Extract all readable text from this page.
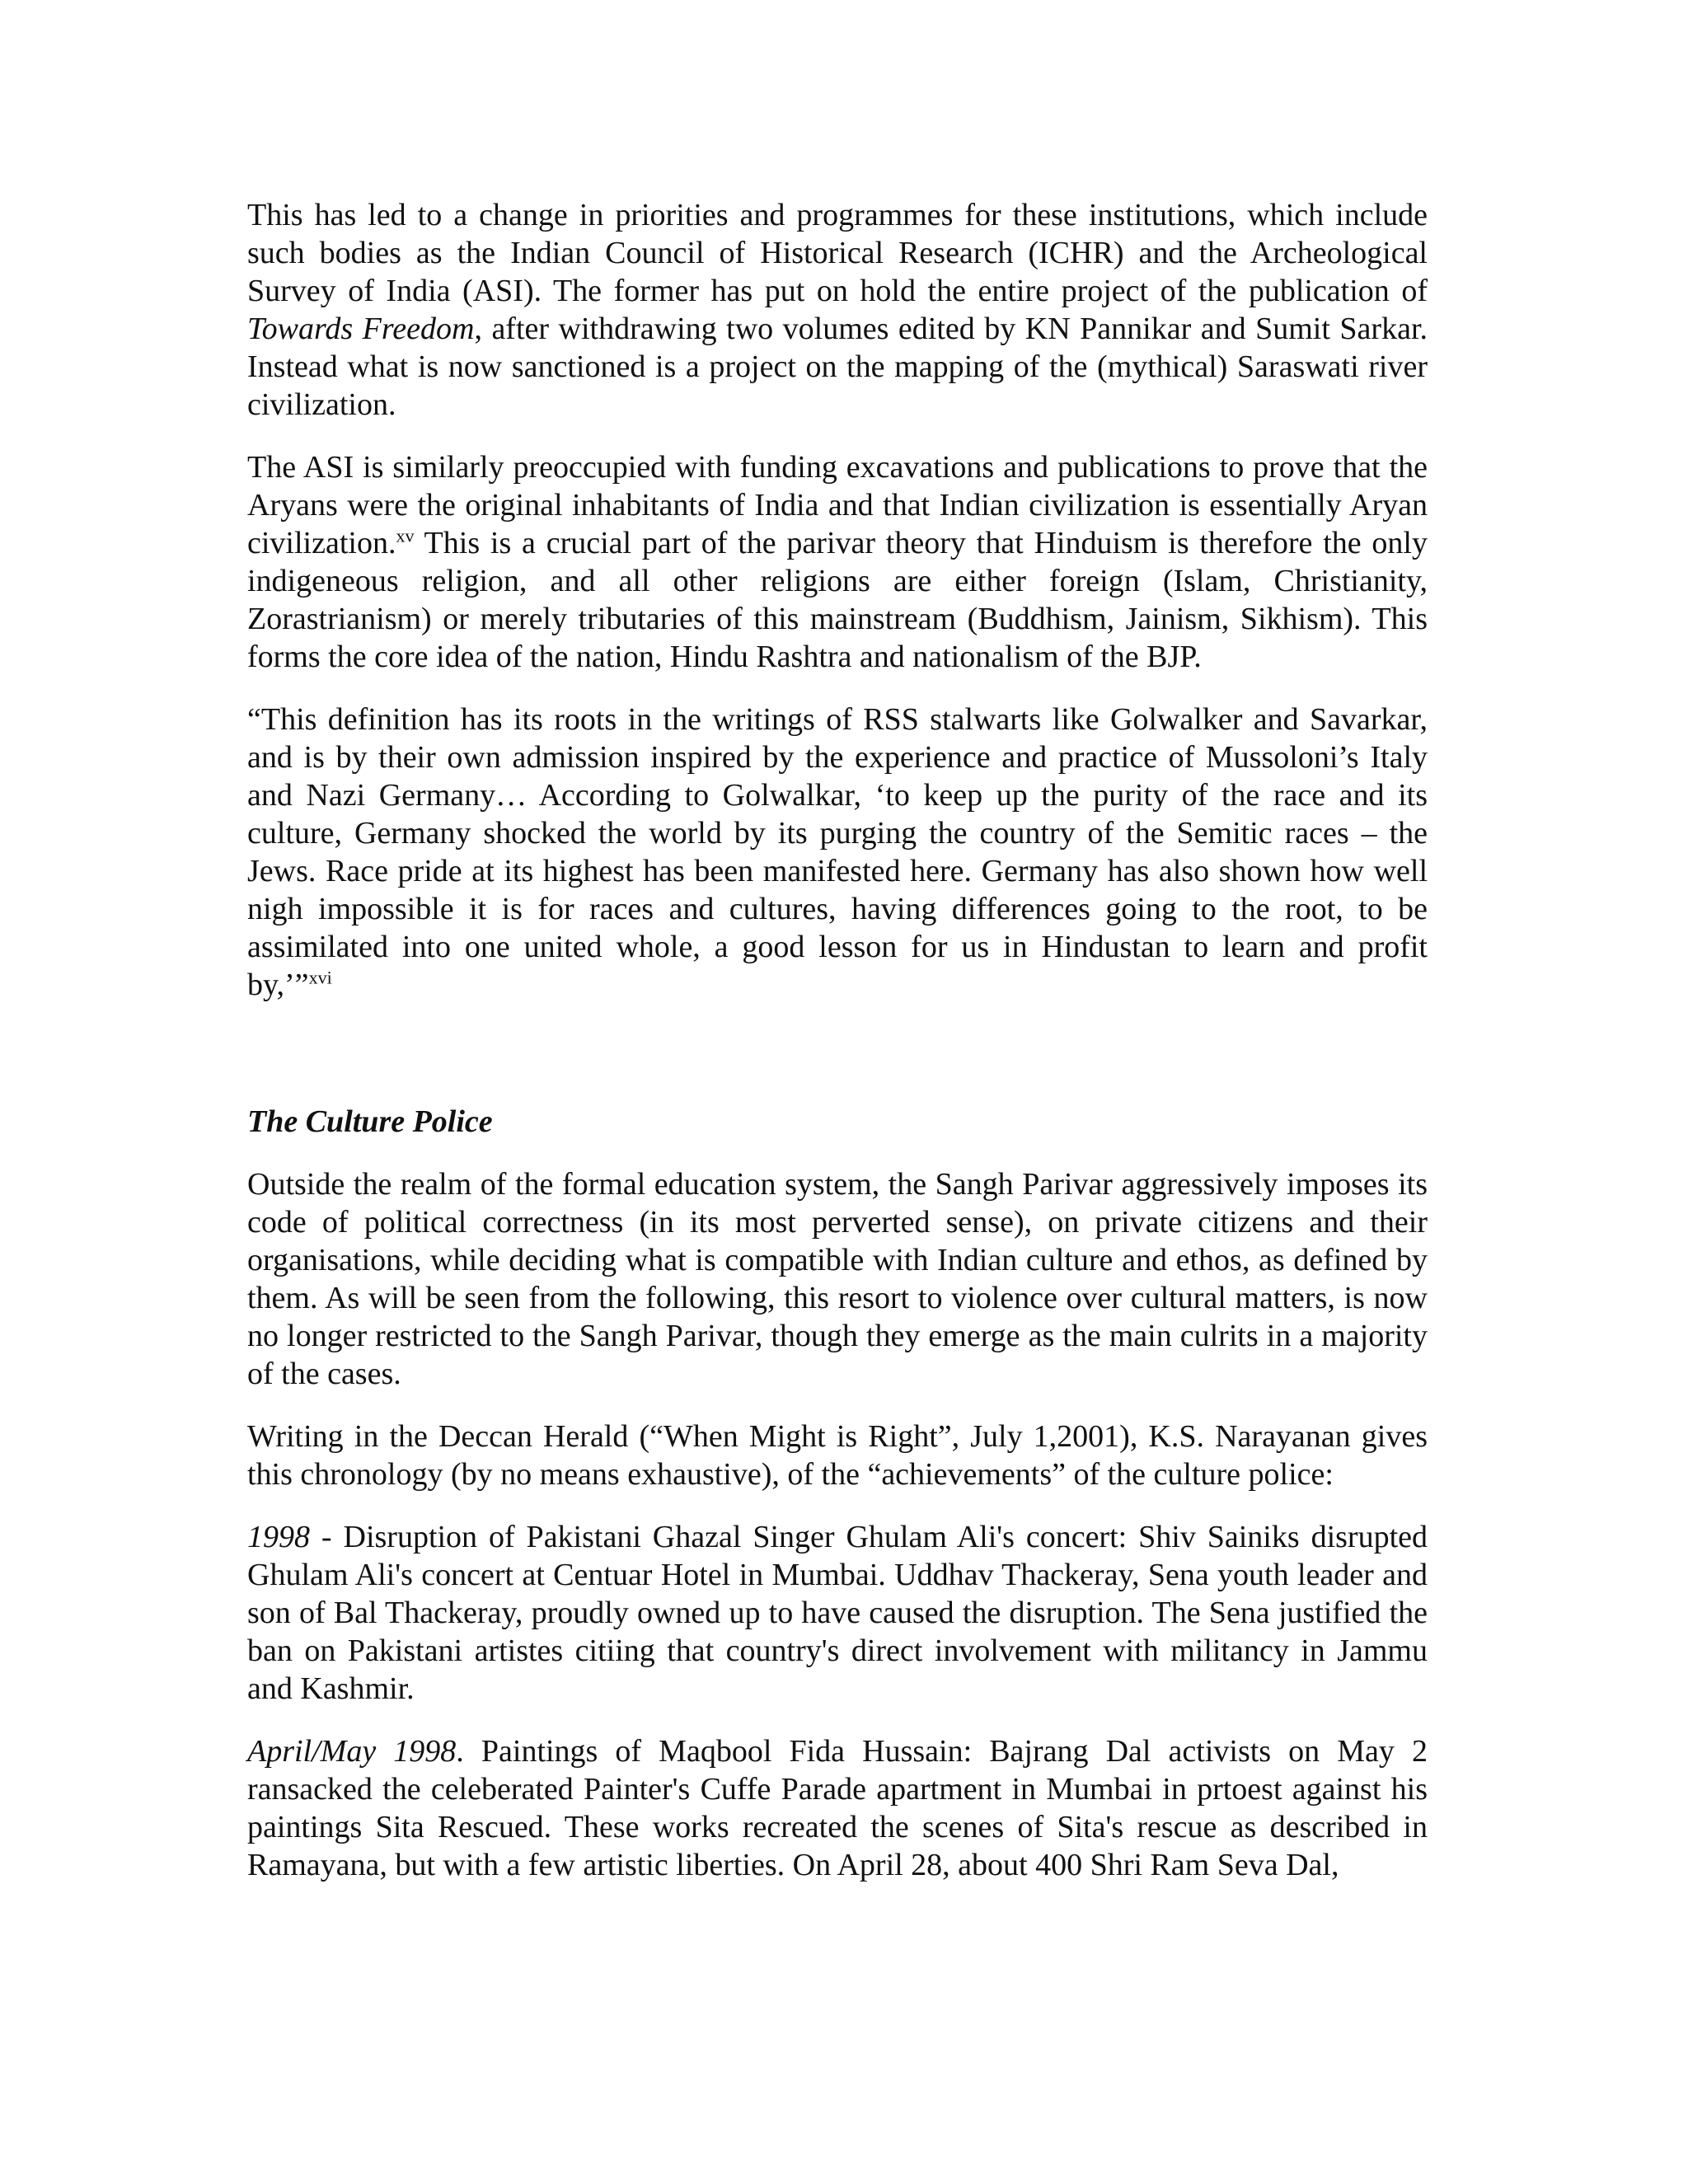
This has led to a change in priorities and programmes for these institutions, which include such bodies as the Indian Council of Historical Research (ICHR) and the Archeological Survey of India (ASI). The former has put on hold the entire project of the publication of Towards Freedom, after withdrawing two volumes edited by KN Pannikar and Sumit Sarkar. Instead what is now sanctioned is a project on the mapping of the (mythical) Saraswati river civilization.

The ASI is similarly preoccupied with funding excavations and publications to prove that the Aryans were the original inhabitants of India and that Indian civilization is essentially Aryan civilization.$^{xv}$ This is a crucial part of the parivar theory that Hinduism is therefore the only indigeneous religion, and all other religions are either foreign (Islam, Christianity, Zorastrianism) or merely tributaries of this mainstream (Buddhism, Jainism, Sikhism). This forms the core idea of the nation, Hindu Rashtra and nationalism of the BJP.

“This definition has its roots in the writings of RSS stalwarts like Golwalker and Savarkar, and is by their own admission inspired by the experience and practice of Mussoloni’s Italy and Nazi Germany… According to Golwalkar, ‘to keep up the purity of the race and its culture, Germany shocked the world by its purging the country of the Semitic races – the Jews. Race pride at its highest has been manifested here. Germany has also shown how well nigh impossible it is for races and cultures, having differences going to the root, to be assimilated into one united whole, a good lesson for us in Hindustan to learn and profit by,’”$^{xvi}$

The Culture Police

Outside the realm of the formal education system, the Sangh Parivar aggressively imposes its code of political correctness (in its most perverted sense), on private citizens and their organisations, while deciding what is compatible with Indian culture and ethos, as defined by them. As will be seen from the following, this resort to violence over cultural matters, is now no longer restricted to the Sangh Parivar, though they emerge as the main culrits in a majority of the cases.

Writing in the Deccan Herald (“When Might is Right”, July 1,2001), K.S. Narayanan gives this chronology (by no means exhaustive), of the “achievements” of the culture police:

1998 - Disruption of Pakistani Ghazal Singer Ghulam Ali's concert: Shiv Sainiks disrupted Ghulam Ali's concert at Centuar Hotel in Mumbai. Uddhav Thackeray, Sena youth leader and son of Bal Thackeray, proudly owned up to have caused the disruption. The Sena justified the ban on Pakistani artistes citiing that country's direct involvement with militancy in Jammu and Kashmir.

April/May 1998. Paintings of Maqbool Fida Hussain: Bajrang Dal activists on May 2 ransacked the celeberated Painter's Cuffe Parade apartment in Mumbai in prtoest against his paintings Sita Rescued. These works recreated the scenes of Sita's rescue as described in Ramayana, but with a few artistic liberties. On April 28, about 400 Shri Ram Seva Dal,
